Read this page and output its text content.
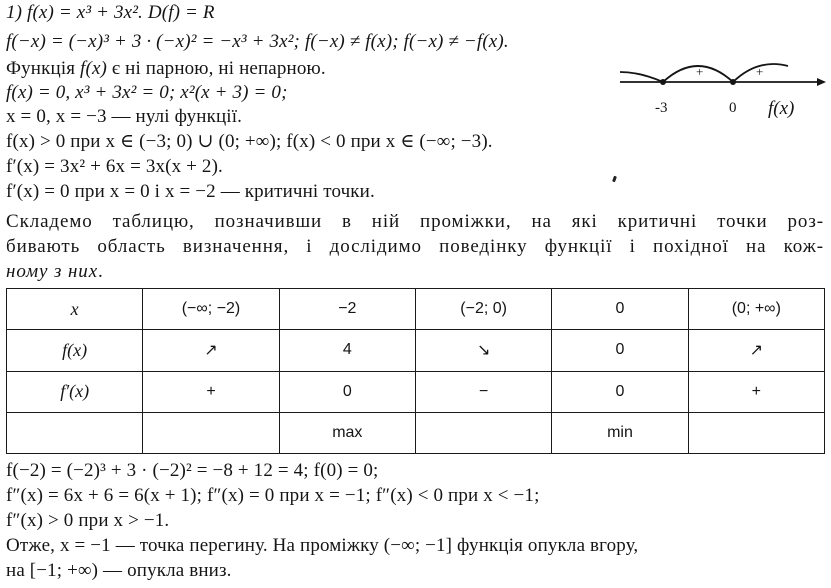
1) f(x) = x³ + 3x². D(f) = R
f(−x) = (−x)³ + 3 · (−x)² = −x³ + 3x²; f(−x) ≠ f(x); f(−x) ≠ −f(x).
Функція f(x) є ні парною, ні непарною.
f(x) = 0, x³ + 3x² = 0; x²(x + 3) = 0;
x = 0, x = −3 — нулі функції.
f(x) > 0 при x ∈ (−3; 0) ∪ (0; +∞); f(x) < 0 при x ∈ (−∞; −3).
f′(x) = 3x² + 6x = 3x(x + 2).
f′(x) = 0 при x = 0 і x = −2 — критичні точки.
−	+	+
-3	0 f(x)
Складемо таблицю, позначивши в ній проміжки, на які критичні точки роз-
бивають область визначення, і дослідимо поведінку функції і похідної на кож-
ному з них.
x	(−∞; −2)	−2	(−2; 0)	0	(0; +∞)
f(x)	↗	4	↘	0	↗
f′(x)	+	0	−	0	+
		max		min	
f(−2) = (−2)³ + 3 · (−2)² = −8 + 12 = 4; f(0) = 0;
f″(x) = 6x + 6 = 6(x + 1); f″(x) = 0 при x = −1; f″(x) < 0 при x < −1;
f″(x) > 0 при x > −1.
Отже, x = −1 — точка перегину. На проміжку (−∞; −1] функція опукла вгору,
на [−1; +∞) — опукла вниз.
